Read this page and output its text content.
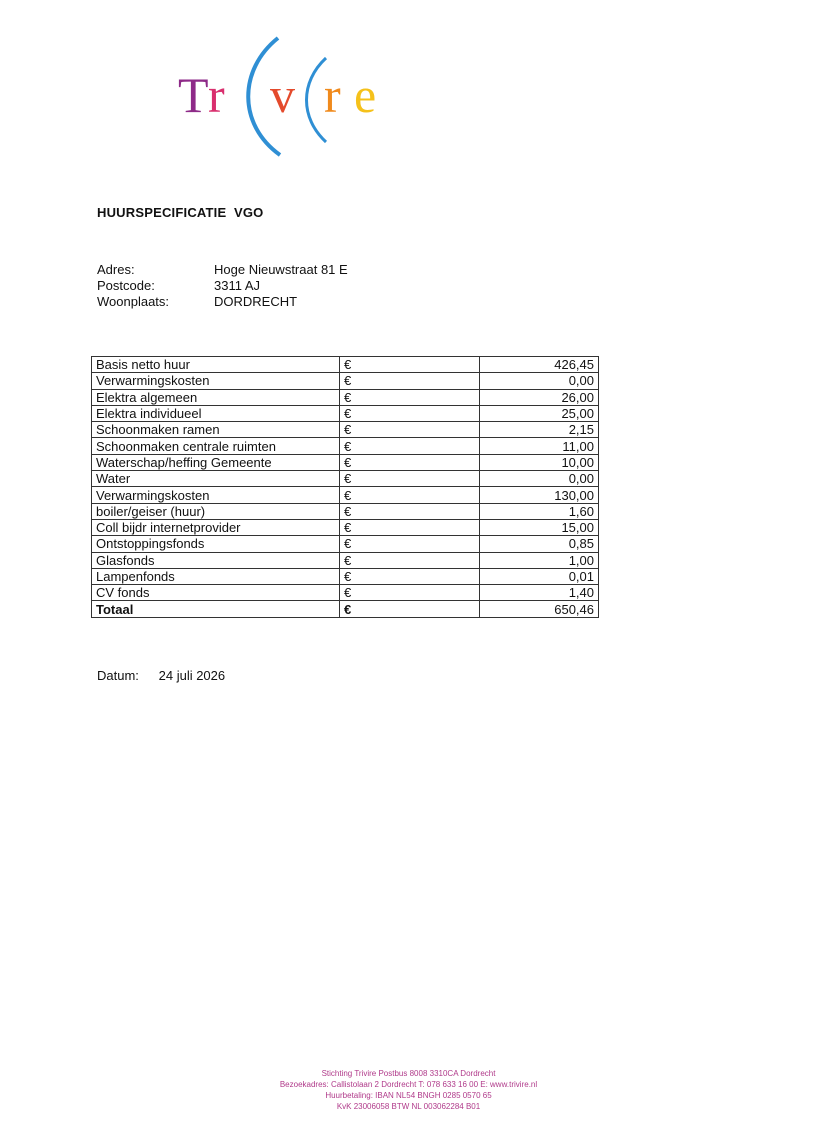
T r v r e
HUURSPECIFICATIE  VGO
Adres:	Hoge Nieuwstraat 81 E
Postcode:	3311 AJ
Woonplaats:	DORDRECHT
Basis netto huur	€	426,45
Verwarmingskosten	€	0,00
Elektra algemeen	€	26,00
Elektra individueel	€	25,00
Schoonmaken ramen	€	2,15
Schoonmaken centrale ruimten	€	11,00
Waterschap/heffing Gemeente	€	10,00
Water	€	0,00
Verwarmingskosten	€	130,00
boiler/geiser (huur)	€	1,60
Coll bijdr internetprovider	€	15,00
Ontstoppingsfonds	€	0,85
Glasfonds	€	1,00
Lampenfonds	€	0,01
CV fonds	€	1,40
Totaal	€	650,46
Datum: 24 juli 2026
Stichting Trivire Postbus 8008 3310CA Dordrecht
Bezoekadres: Callistolaan 2 Dordrecht T: 078 633 16 00 E: www.trivire.nl
Huurbetaling: IBAN NL54 BNGH 0285 0570 65
KvK 23006058 BTW NL 003062284 B01
